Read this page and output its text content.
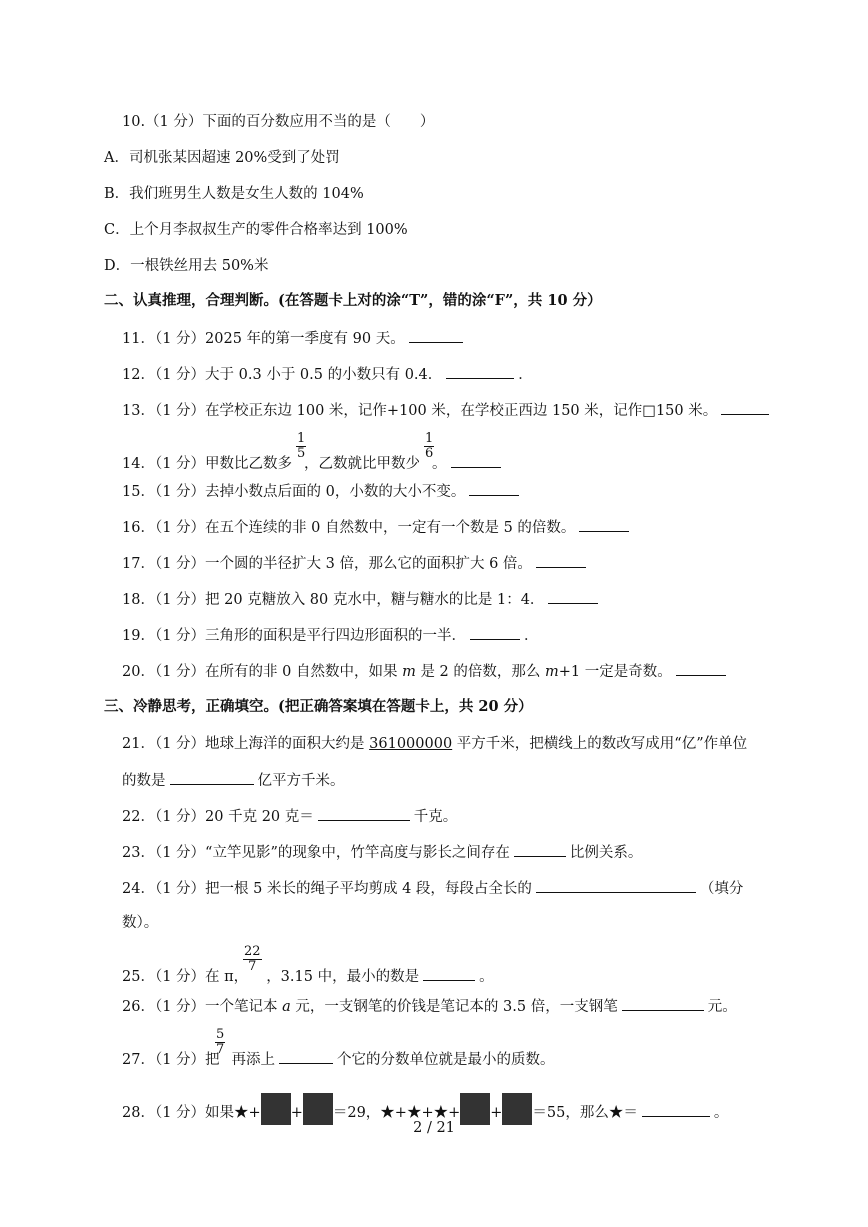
10.（1 分）下面的百分数应用不当的是（　　）
A．司机张某因超速 20%受到了处罚
B．我们班男生人数是女生人数的 104%
C．上个月李叔叔生产的零件合格率达到 100%
D．一根铁丝用去 50%米
二、认真推理，合理判断。(在答题卡上对的涂“T”，错的涂“F”，共 10 分）
11．（1 分）2025 年的第一季度有 90 天。
12．（1 分）大于 0.3 小于 0.5 的小数只有 0.4．	．
13．（1 分）在学校正东边 100 米，记作+100 米，在学校正西边 150 米，记作□150 米。
$\frac{1}{5}$	$\frac{1}{6}$
14．（1 分）甲数比乙数多 ，乙数就比甲数少 。
15．（1 分）去掉小数点后面的 0，小数的大小不变。
16．（1 分）在五个连续的非 0 自然数中，一定有一个数是 5 的倍数。
17．（1 分）一个圆的半径扩大 3 倍，那么它的面积扩大 6 倍。
18．（1 分）把 20 克糖放入 80 克水中，糖与糖水的比是 1：4．
19．（1 分）三角形的面积是平行四边形面积的一半．	．
20．（1 分）在所有的非 0 自然数中，如果 m 是 2 的倍数，那么 m+1 一定是奇数。
三、冷静思考，正确填空。(把正确答案填在答题卡上，共 20 分）
21．（1 分）地球上海洋的面积大约是 361000000 平方千米，把横线上的数改写成用“亿”作单位
的数是	亿平方千米。
22．（1 分）20 千克 20 克＝	千克。
23．（1 分）“立竿见影”的现象中，竹竿高度与影长之间存在	比例关系。
24．（1 分）把一根 5 米长的绳子平均剪成 4 段，每段占全长的	（填分
数）。
$\frac{22}{7}$
25．（1 分）在 π， ，3.15 中，最小的数是	。
26．（1 分）一个笔记本 a 元，一支钢笔的价钱是笔记本的 3.5 倍，一支钢笔	元。
$\frac{5}{7}$
27．（1 分）把 再添上	个它的分数单位就是最小的质数。
28．（1 分）如果★+ + ＝29，★+★+★+ + ＝55，那么★＝	。
2 / 21
